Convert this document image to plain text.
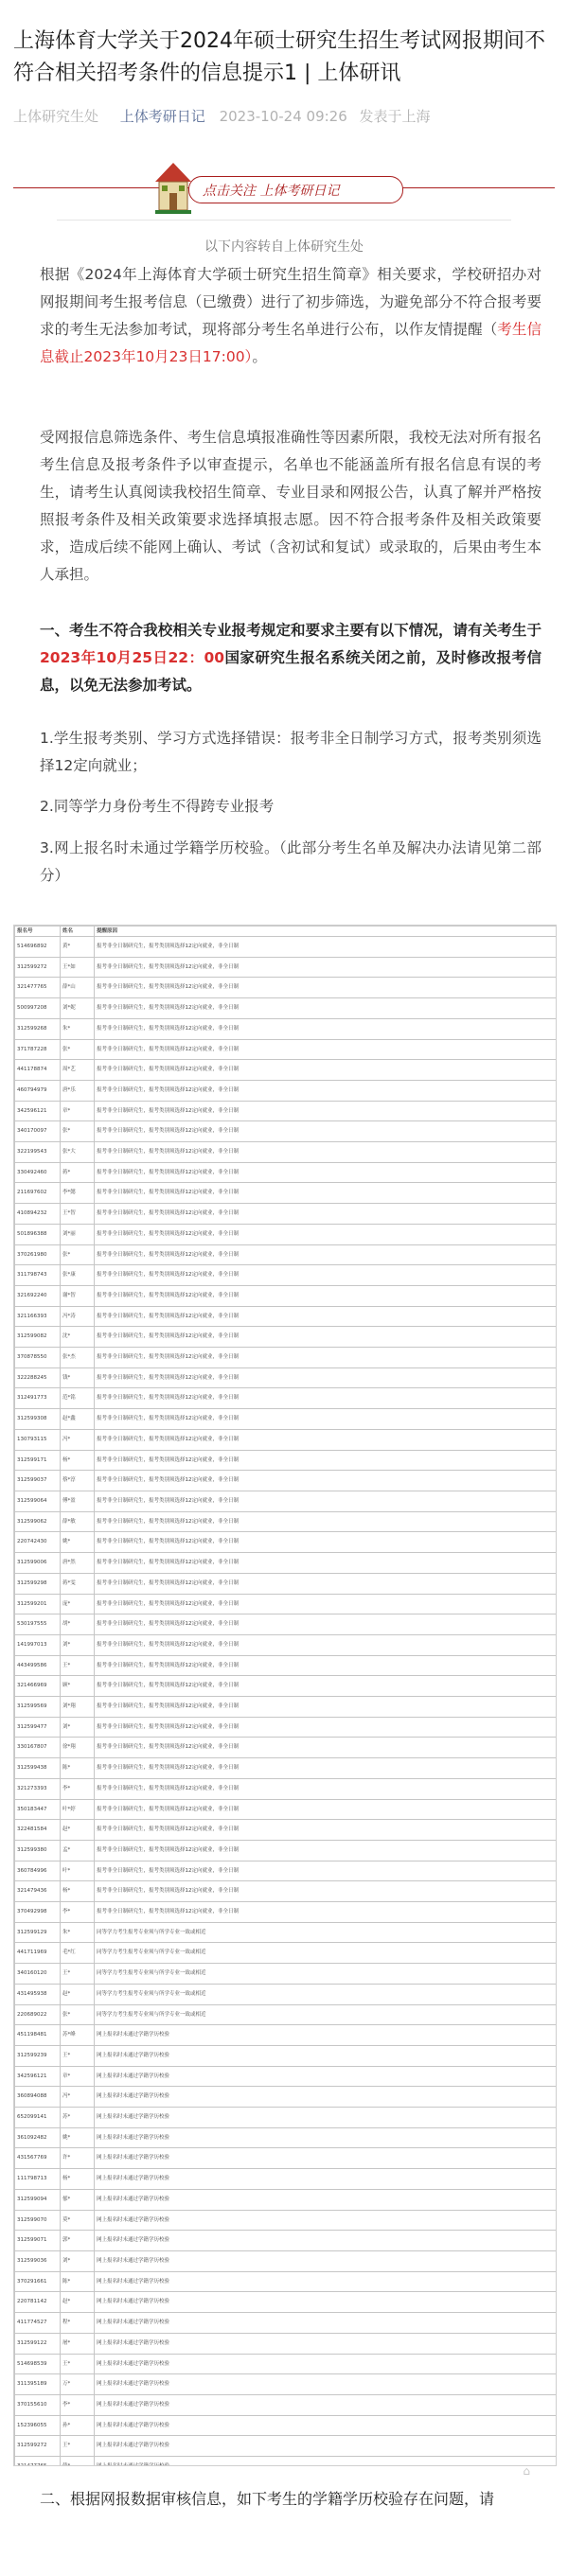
上海体育大学关于2024年硕士研究生招生考试网报期间不符合相关招考条件的信息提示1 | 上体研讯
上体研究生处 上体考研日记 2023-10-24 09:26 发表于上海
点击关注 上体考研日记
以下内容转自上体研究生处

根据《2024年上海体育大学硕士研究生招生简章》相关要求，学校研招办对网报期间考生报考信息（已缴费）进行了初步筛选，为避免部分不符合报考要求的考生无法参加考试，现将部分考生名单进行公布，以作友情提醒（考生信息截止2023年10月23日17:00）。

受网报信息筛选条件、考生信息填报准确性等因素所限，我校无法对所有报名考生信息及报考条件予以审查提示，名单也不能涵盖所有报名信息有误的考生，请考生认真阅读我校招生简章、专业目录和网报公告，认真了解并严格按照报考条件及相关政策要求选择填报志愿。因不符合报考条件及相关政策要求，造成后续不能网上确认、考试（含初试和复试）或录取的，后果由考生本人承担。

一、考生不符合我校相关专业报考规定和要求主要有以下情况，请有关考生于2023年10月25日22：00国家研究生报名系统关闭之前，及时修改报考信息，以免无法参加考试。

1.学生报考类别、学习方式选择错误：报考非全日制学习方式，报考类别须选择12定向就业；

2.同等学力身份考生不得跨专业报考

3.网上报名时未通过学籍学历校验。（此部分考生名单及解决办法请见第二部分）

报名号	姓名	提醒原因
514696892	黄*	报考非全日制研究生，报考类别须选择12定向就业，非全日制
312599272	王*如	报考非全日制研究生，报考类别须选择12定向就业，非全日制
321477765	薛*山	报考非全日制研究生，报考类别须选择12定向就业，非全日制
500997208	刘*妮	报考非全日制研究生，报考类别须选择12定向就业，非全日制
312599268	朱*	报考非全日制研究生，报考类别须选择12定向就业，非全日制
371787228	张*	报考非全日制研究生，报考类别须选择12定向就业，非全日制
441178874	周*艺	报考非全日制研究生，报考类别须选择12定向就业，非全日制
460794979	唐*乐	报考非全日制研究生，报考类别须选择12定向就业，非全日制
342596121	章*	报考非全日制研究生，报考类别须选择12定向就业，非全日制
340170097	张*	报考非全日制研究生，报考类别须选择12定向就业，非全日制
322199543	张*大	报考非全日制研究生，报考类别须选择12定向就业，非全日制
330492460	蒋*	报考非全日制研究生，报考类别须选择12定向就业，非全日制
211697602	李*懿	报考非全日制研究生，报考类别须选择12定向就业，非全日制
410894232	王*智	报考非全日制研究生，报考类别须选择12定向就业，非全日制
501896388	刘*丽	报考非全日制研究生，报考类别须选择12定向就业，非全日制
370261980	张*	报考非全日制研究生，报考类别须选择12定向就业，非全日制
311798743	张*康	报考非全日制研究生，报考类别须选择12定向就业，非全日制
321692240	谢*智	报考非全日制研究生，报考类别须选择12定向就业，非全日制
321166393	冯*涛	报考非全日制研究生，报考类别须选择12定向就业，非全日制
312599082	沈*	报考非全日制研究生，报考类别须选择12定向就业，非全日制
370878550	张*杰	报考非全日制研究生，报考类别须选择12定向就业，非全日制
322288245	钱*	报考非全日制研究生，报考类别须选择12定向就业，非全日制
312491773	范*铭	报考非全日制研究生，报考类别须选择12定向就业，非全日制
312599308	赵*鑫	报考非全日制研究生，报考类别须选择12定向就业，非全日制
130793115	冯*	报考非全日制研究生，报考类别须选择12定向就业，非全日制
312599171	杨*	报考非全日制研究生，报考类别须选择12定向就业，非全日制
312599037	蔡*淳	报考非全日制研究生，报考类别须选择12定向就业，非全日制
312599064	傅*盈	报考非全日制研究生，报考类别须选择12定向就业，非全日制
312599062	薛*敏	报考非全日制研究生，报考类别须选择12定向就业，非全日制
220742430	姚*	报考非全日制研究生，报考类别须选择12定向就业，非全日制
312599006	唐*然	报考非全日制研究生，报考类别须选择12定向就业，非全日制
312599298	蒋*雯	报考非全日制研究生，报考类别须选择12定向就业，非全日制
312599201	庞*	报考非全日制研究生，报考类别须选择12定向就业，非全日制
530197555	胡*	报考非全日制研究生，报考类别须选择12定向就业，非全日制
141997013	刘*	报考非全日制研究生，报考类别须选择12定向就业，非全日制
443499586	王*	报考非全日制研究生，报考类别须选择12定向就业，非全日制
321466969	顾*	报考非全日制研究生，报考类别须选择12定向就业，非全日制
312599569	刘*翔	报考非全日制研究生，报考类别须选择12定向就业，非全日制
312599477	刘*	报考非全日制研究生，报考类别须选择12定向就业，非全日制
330167807	徐*翔	报考非全日制研究生，报考类别须选择12定向就业，非全日制
312599438	陈*	报考非全日制研究生，报考类别须选择12定向就业，非全日制
321273393	李*	报考非全日制研究生，报考类别须选择12定向就业，非全日制
350183447	叶*婷	报考非全日制研究生，报考类别须选择12定向就业，非全日制
322481584	赵*	报考非全日制研究生，报考类别须选择12定向就业，非全日制
312599380	孟*	报考非全日制研究生，报考类别须选择12定向就业，非全日制
360784996	叶*	报考非全日制研究生，报考类别须选择12定向就业，非全日制
321479436	杨*	报考非全日制研究生，报考类别须选择12定向就业，非全日制
370492998	李*	报考非全日制研究生，报考类别须选择12定向就业，非全日制
312599129	朱*	同等学力考生报考专业须与所学专业一致或相近
441711969	毛*红	同等学力考生报考专业须与所学专业一致或相近
340160120	王*	同等学力考生报考专业须与所学专业一致或相近
431495938	赵*	同等学力考生报考专业须与所学专业一致或相近
220689022	张*	同等学力考生报考专业须与所学专业一致或相近
451198481	苏*峰	网上报名时未通过学籍学历校验
312599239	王*	网上报名时未通过学籍学历校验
342596121	章*	网上报名时未通过学籍学历校验
360894088	冯*	网上报名时未通过学籍学历校验
652099141	苏*	网上报名时未通过学籍学历校验
361092482	姚*	网上报名时未通过学籍学历校验
431567769	许*	网上报名时未通过学籍学历校验
111798713	杨*	网上报名时未通过学籍学历校验
312599094	郁*	网上报名时未通过学籍学历校验
312599070	莫*	网上报名时未通过学籍学历校验
312599071	郭*	网上报名时未通过学籍学历校验
312599036	刘*	网上报名时未通过学籍学历校验
370291661	陈*	网上报名时未通过学籍学历校验
220781142	赵*	网上报名时未通过学籍学历校验
411774527	程*	网上报名时未通过学籍学历校验
312599122	屠*	网上报名时未通过学籍学历校验
514698539	王*	网上报名时未通过学籍学历校验
311395189	万*	网上报名时未通过学籍学历校验
370155610	李*	网上报名时未通过学籍学历校验
152396055	孙*	网上报名时未通过学籍学历校验
312599272	王*	网上报名时未通过学籍学历校验

⌂

二、根据网报数据审核信息，如下考生的学籍学历校验存在问题，请
